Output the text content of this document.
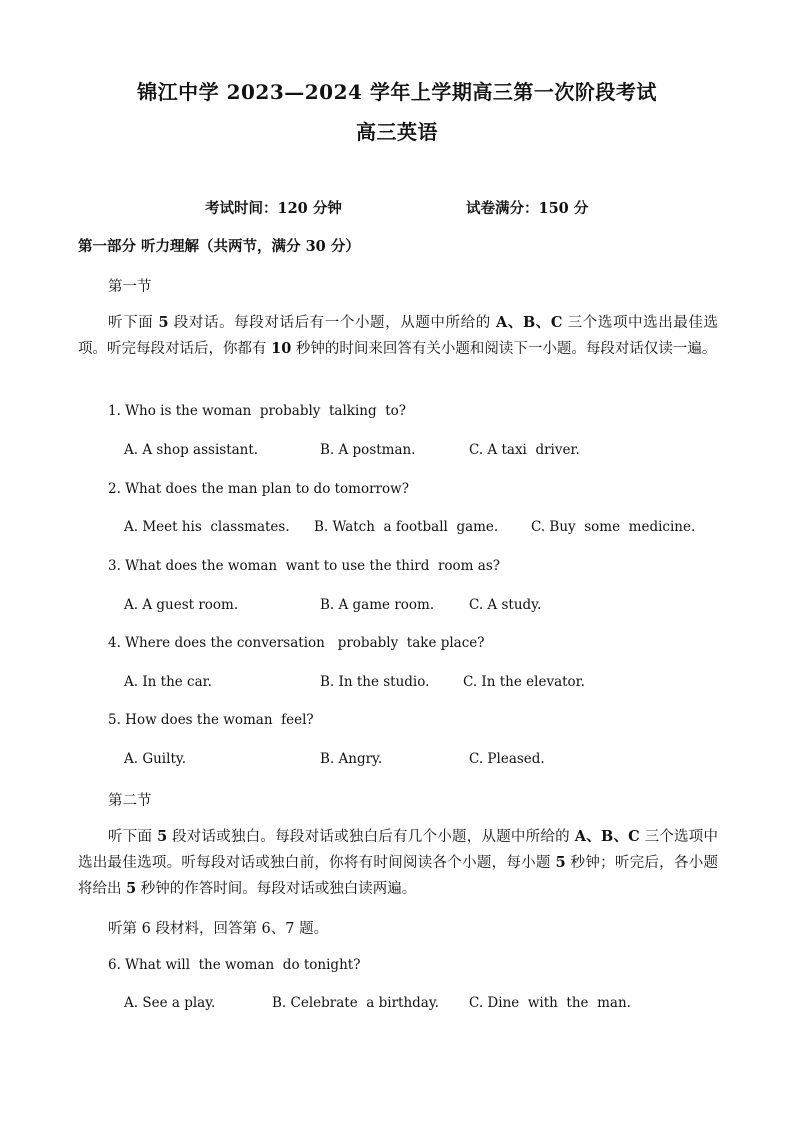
锦江中学 2023—2024 学年上学期高三第一次阶段考试
高三英语
考试时间：120 分钟	试卷满分：150 分
第一部分 听力理解（共两节，满分 30 分）
第一节
听下面 5 段对话。每段对话后有一个小题，从题中所给的 A、B、C 三个选项中选出最佳选项。听完每段对话后，你都有 10 秒钟的时间来回答有关小题和阅读下一小题。每段对话仅读一遍。
1. Who is the woman  probably  talking  to?
A. A shop assistant.	B. A postman.	C. A taxi  driver.
2. What does the man plan to do tomorrow?
A. Meet his  classmates. B. Watch  a football  game. C. Buy  some  medicine.
3. What does the woman  want to use the third  room as?
A. A guest room.	B. A game room.	C. A study.
4. Where does the conversation   probably  take place?
A. In the car.	B. In the studio. C. In the elevator.
5. How does the woman  feel?
A. Guilty.	B. Angry.	C. Pleased.
第二节
听下面 5 段对话或独白。每段对话或独白后有几个小题，从题中所给的 A、B、C 三个选项中选出最佳选项。听每段对话或独白前，你将有时间阅读各个小题，每小题 5 秒钟；听完后，各小题将给出 5 秒钟的作答时间。每段对话或独白读两遍。
听第 6 段材料，回答第 6、7 题。
6. What will  the woman  do tonight?
A. See a play.	B. Celebrate  a birthday. C. Dine  with  the  man.
